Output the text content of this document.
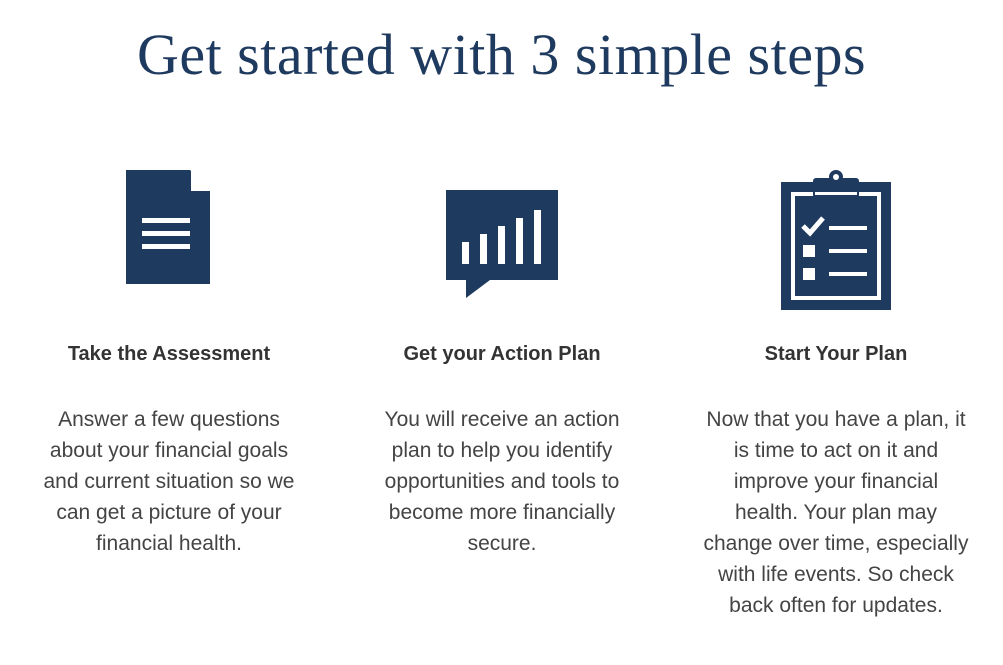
Get started with 3 simple steps
Take the Assessment
Answer a few questions about your financial goals and current situation so we can get a picture of your financial health.
Get your Action Plan
You will receive an action plan to help you identify opportunities and tools to become more financially secure.
Start Your Plan
Now that you have a plan, it is time to act on it and improve your financial health. Your plan may change over time, especially with life events. So check back often for updates.
